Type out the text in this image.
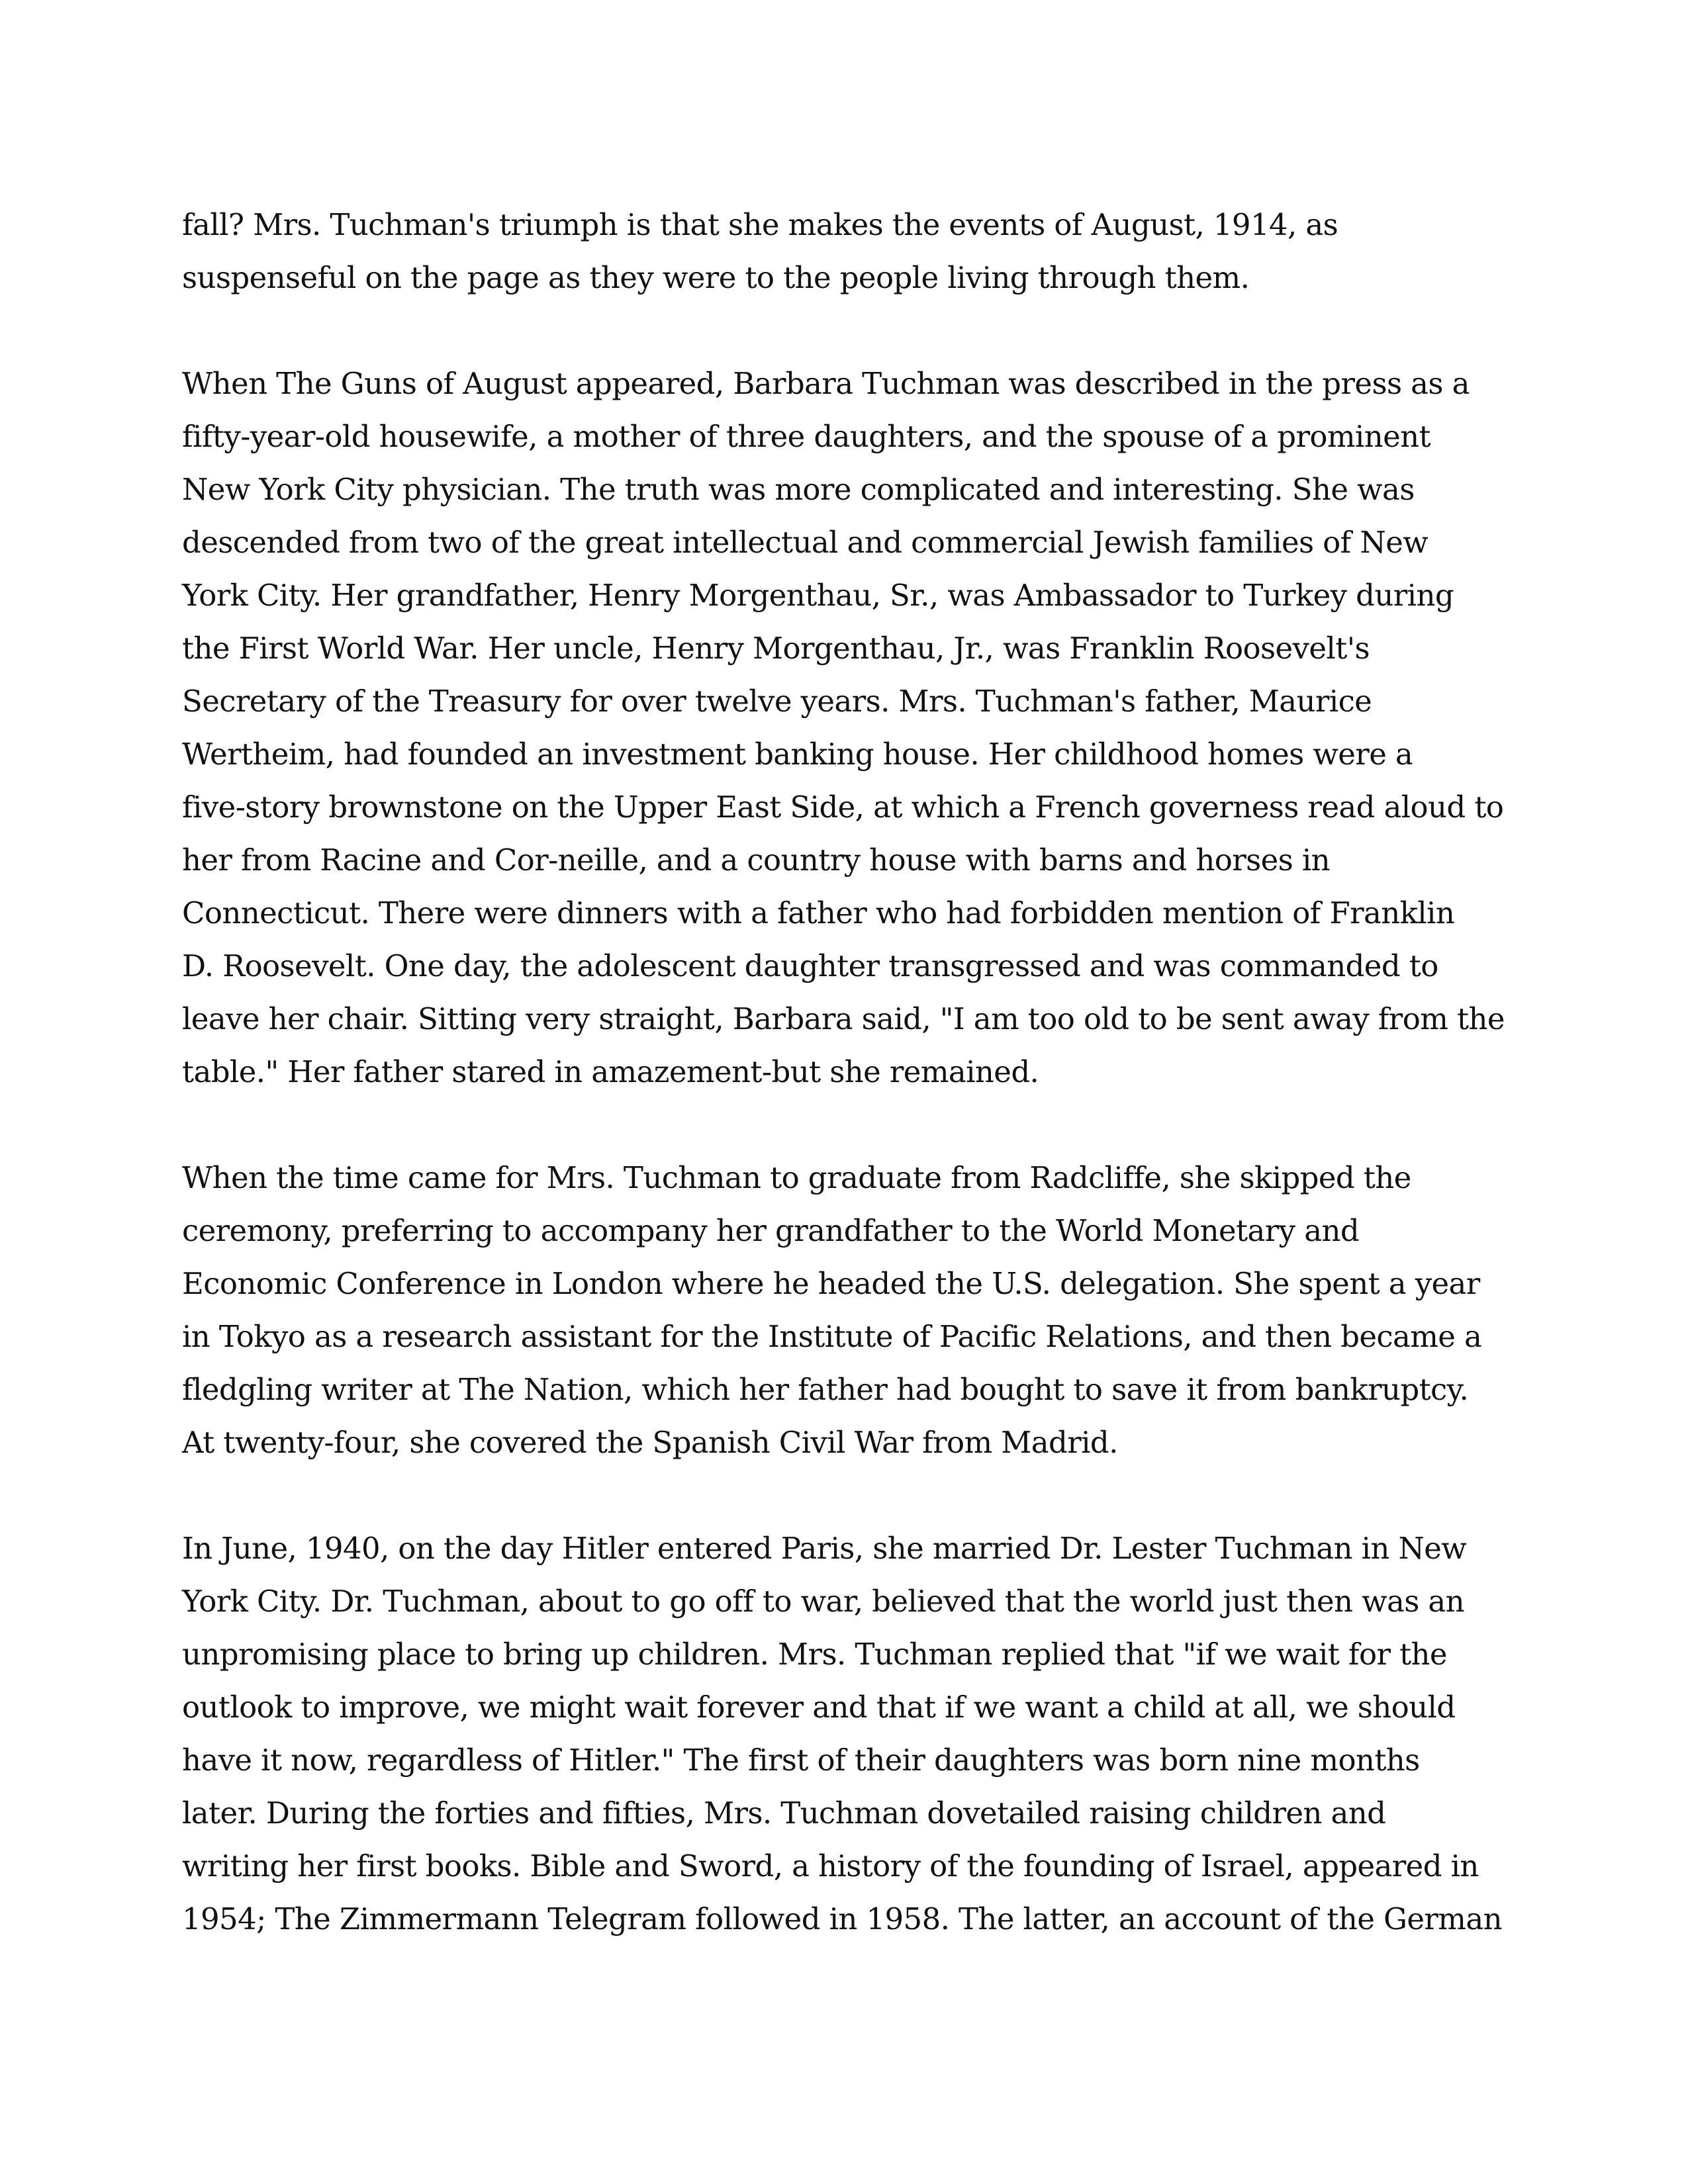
fall? Mrs. Tuchman's triumph is that she makes the events of August, 1914, as
suspenseful on the page as they were to the people living through them.
When The Guns of August appeared, Barbara Tuchman was described in the press as a
fifty-year-old housewife, a mother of three daughters, and the spouse of a prominent
New York City physician. The truth was more complicated and interesting. She was
descended from two of the great intellectual and commercial Jewish families of New
York City. Her grandfather, Henry Morgenthau, Sr., was Ambassador to Turkey during
the First World War. Her uncle, Henry Morgenthau, Jr., was Franklin Roosevelt's
Secretary of the Treasury for over twelve years. Mrs. Tuchman's father, Maurice
Wertheim, had founded an investment banking house. Her childhood homes were a
five-story brownstone on the Upper East Side, at which a French governess read aloud to
her from Racine and Cor-neille, and a country house with barns and horses in
Connecticut. There were dinners with a father who had forbidden mention of Franklin
D. Roosevelt. One day, the adolescent daughter transgressed and was commanded to
leave her chair. Sitting very straight, Barbara said, "I am too old to be sent away from the
table." Her father stared in amazement-but she remained.
When the time came for Mrs. Tuchman to graduate from Radcliffe, she skipped the
ceremony, preferring to accompany her grandfather to the World Monetary and
Economic Conference in London where he headed the U.S. delegation. She spent a year
in Tokyo as a research assistant for the Institute of Pacific Relations, and then became a
fledgling writer at The Nation, which her father had bought to save it from bankruptcy.
At twenty-four, she covered the Spanish Civil War from Madrid.
In June, 1940, on the day Hitler entered Paris, she married Dr. Lester Tuchman in New
York City. Dr. Tuchman, about to go off to war, believed that the world just then was an
unpromising place to bring up children. Mrs. Tuchman replied that "if we wait for the
outlook to improve, we might wait forever and that if we want a child at all, we should
have it now, regardless of Hitler." The first of their daughters was born nine months
later. During the forties and fifties, Mrs. Tuchman dovetailed raising children and
writing her first books. Bible and Sword, a history of the founding of Israel, appeared in
1954; The Zimmermann Telegram followed in 1958. The latter, an account of the German
